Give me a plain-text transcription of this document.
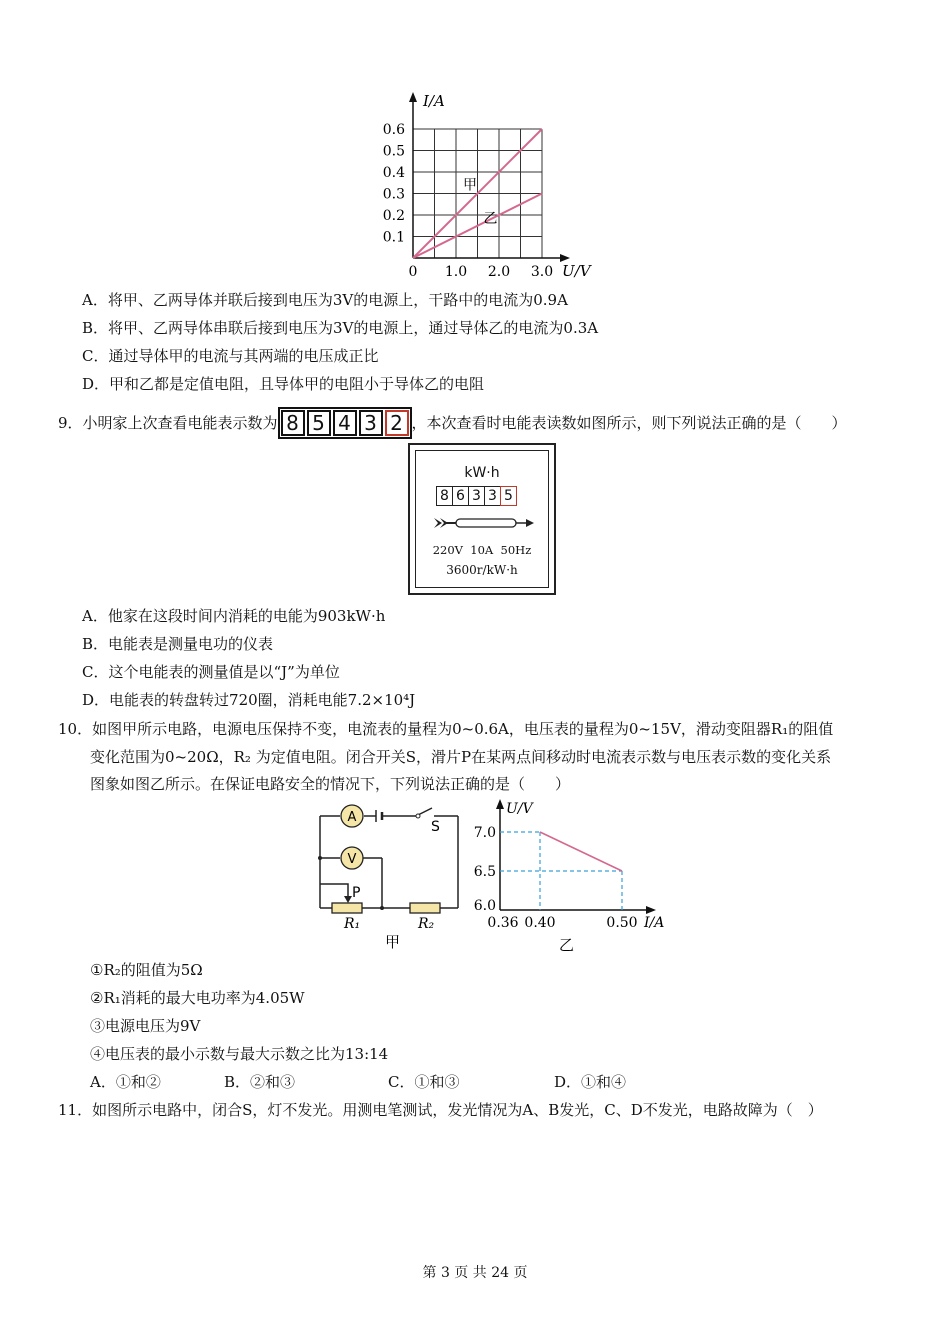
I/A
U/V
0
0.1
0.2
0.3
0.4
0.5
0.6
1.0 2.0 3.0
甲
乙
A．将甲、乙两导体并联后接到电压为3V的电源上，干路中的电流为0.9A
B．将甲、乙两导体串联后接到电压为3V的电源上，通过导体乙的电流为0.3A
C．通过导体甲的电流与其两端的电压成正比
D．甲和乙都是定值电阻，且导体甲的电阻小于导体乙的电阻
9．小明家上次查看电能表示数为 8 5 4 3 2 ，本次查看时电能表读数如图所示，则下列说法正确的是（　　）
kW·h
8 6 3 3 5
220V  10A  50Hz
3600r/kW·h
A．他家在这段时间内消耗的电能为903kW·h
B．电能表是测量电功的仪表
C．这个电能表的测量值是以“J”为单位
D．电能表的转盘转过720圈，消耗电能7.2×10⁴J
10．如图甲所示电路，电源电压保持不变，电流表的量程为0~0.6A，电压表的量程为0~15V，滑动变阻器R₁的阻值
变化范围为0~20Ω，R₂ 为定值电阻。闭合开关S，滑片P在某两点间移动时电流表示数与电压表示数的变化关系
图象如图乙所示。在保证电路安全的情况下，下列说法正确的是（　　）
A
V
P
S
R₁	R₂
甲
U/V
I/A
6.0
6.5
7.0
0.36 0.40	0.50
乙
①R₂的阻值为5Ω
②R₁消耗的最大电功率为4.05W
③电源电压为9V
④电压表的最小示数与最大示数之比为13:14
A．①和②	B．②和③	C．①和③	D．①和④
11．如图所示电路中，闭合S，灯不发光。用测电笔测试，发光情况为A、B发光，C、D不发光，电路故障为（　）
第 3 页 共 24 页
